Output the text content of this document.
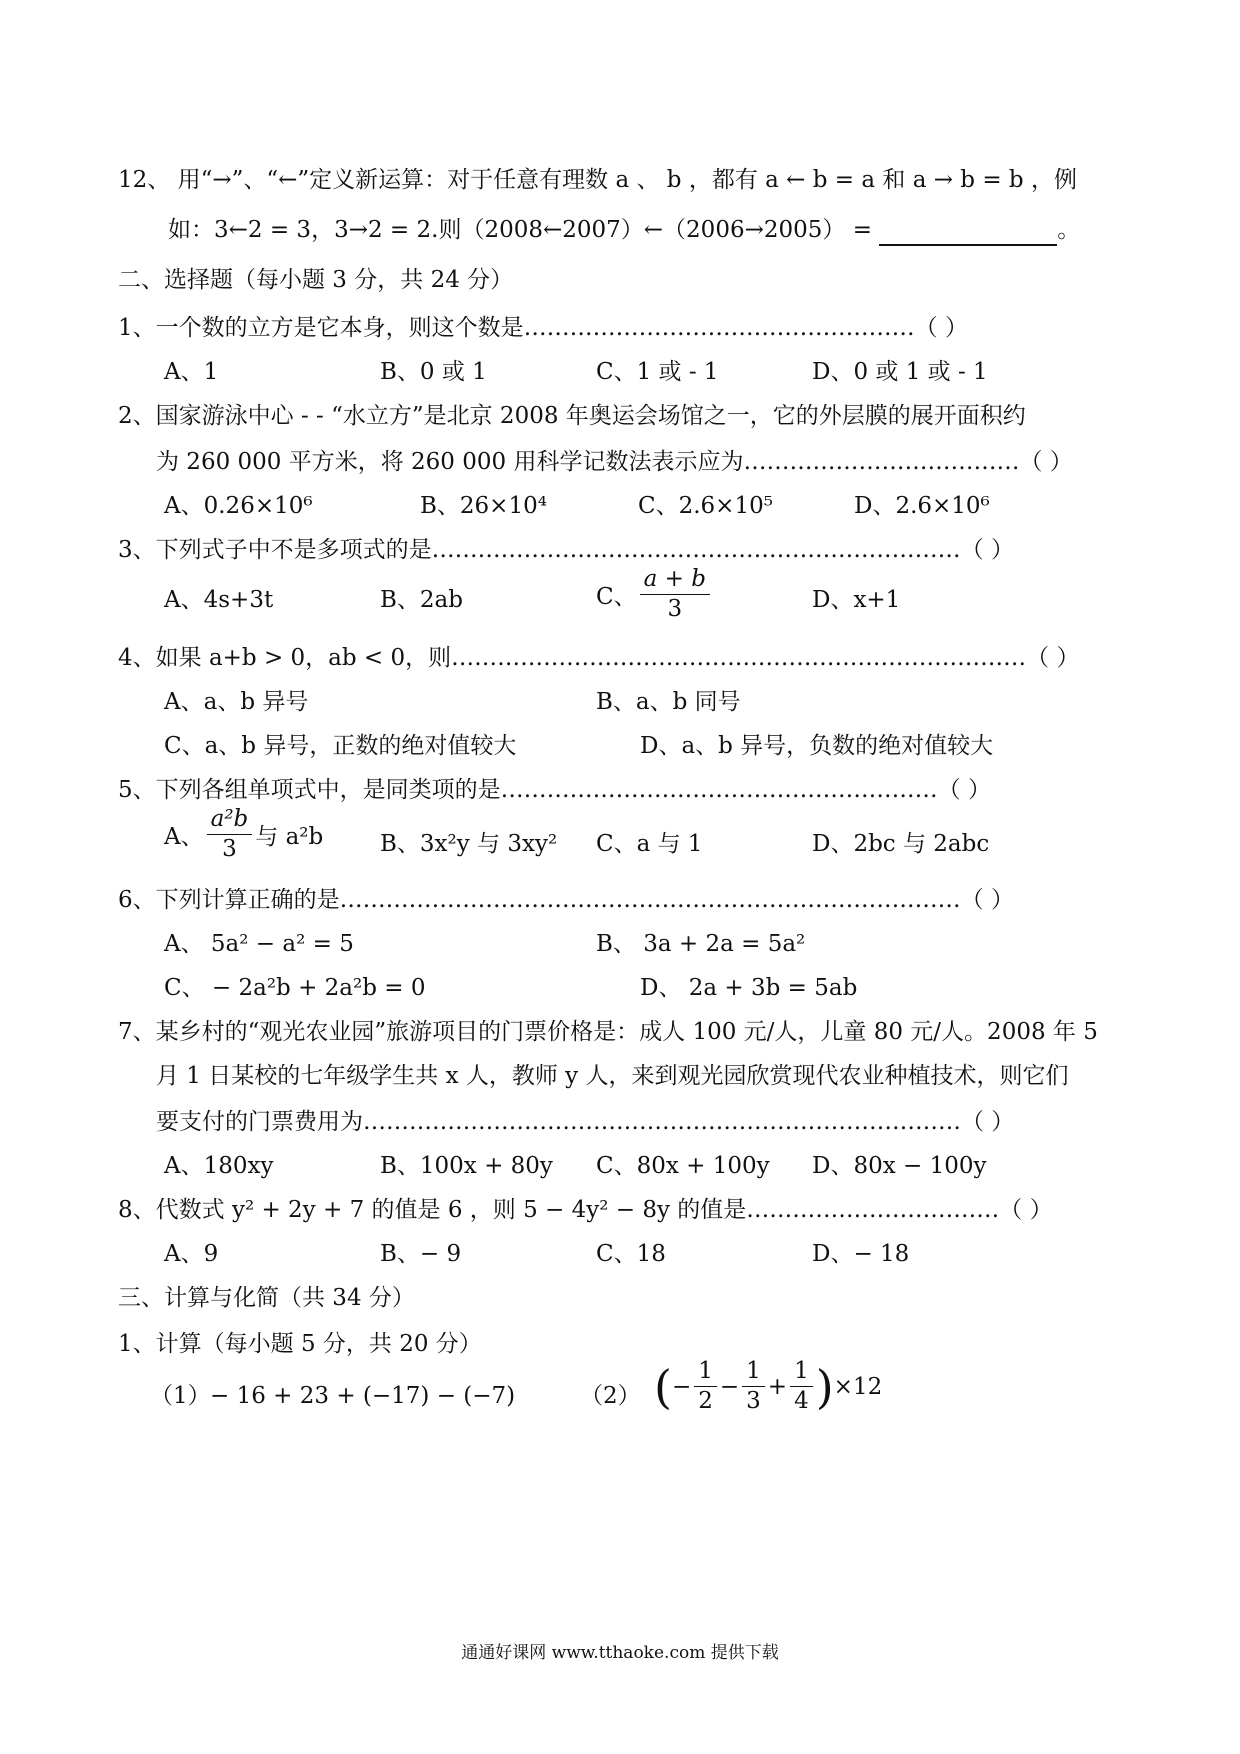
12、 用“→”、“←”定义新运算：对于任意有理数 a 、 b ，都有 a ← b = a 和 a → b = b ，例
如：3←2 = 3，3→2 = 2.则（2008←2007）←（2006→2005） =	。
二、选择题（每小题 3 分，共 24 分）
1、一个数的立方是它本身，则这个数是……………………………………………（ ）
A、1	B、0 或 1	C、1 或 - 1	D、0 或 1 或 - 1
2、国家游泳中心 - - “水立方”是北京 2008 年奥运会场馆之一，它的外层膜的展开面积约
为 260 000 平方米，将 260 000 用科学记数法表示应为………………………………（ ）
A、0.26×10⁶	B、26×10⁴	C、2.6×10⁵	D、2.6×10⁶
3、下列式子中不是多项式的是……………………………………………………………（ ）
A、4s+3t	B、2ab	C、 $\frac{a + b}{3}$	D、x+1
4、如果 a+b > 0，ab < 0，则…………………………………………………………………（ ）
A、a、b 异号	B、a、b 同号
C、a、b 异号，正数的绝对值较大	D、a、b 异号，负数的绝对值较大
5、下列各组单项式中，是同类项的是…………………………………………………（ ）
A、 $\frac{\text{a²b}}{3}$ 与 a²b B、3x²y 与 3xy² C、a 与 1	D、2bc 与 2abc
6、下列计算正确的是………………………………………………………………………（ ）
A、 5a² − a² = 5	B、 3a + 2a = 5a²
C、 − 2a²b + 2a²b = 0	D、 2a + 3b = 5ab
7、某乡村的“观光农业园”旅游项目的门票价格是：成人 100 元/人，儿童 80 元/人。2008 年 5
月 1 日某校的七年级学生共 x 人，教师 y 人，来到观光园欣赏现代农业种植技术，则它们
要支付的门票费用为……………………………………………………………………（ ）
A、180xy	B、100x + 80y C、80x + 100y D、80x − 100y
8、代数式 y² + 2y + 7 的值是 6 ，则 5 − 4y² − 8y 的值是……………………………（ ）
A、9	B、− 9	C、18	D、− 18
三、计算与化简（共 34 分）
1、计算（每小题 5 分，共 20 分）
（1） − 16 + 23 + (−17) − (−7)	（2） ( − $\frac{1}{2} - \frac{1}{3} + \frac{1}{4}$ ) ×12
通通好课网 www.tthaoke.com 提供下载
